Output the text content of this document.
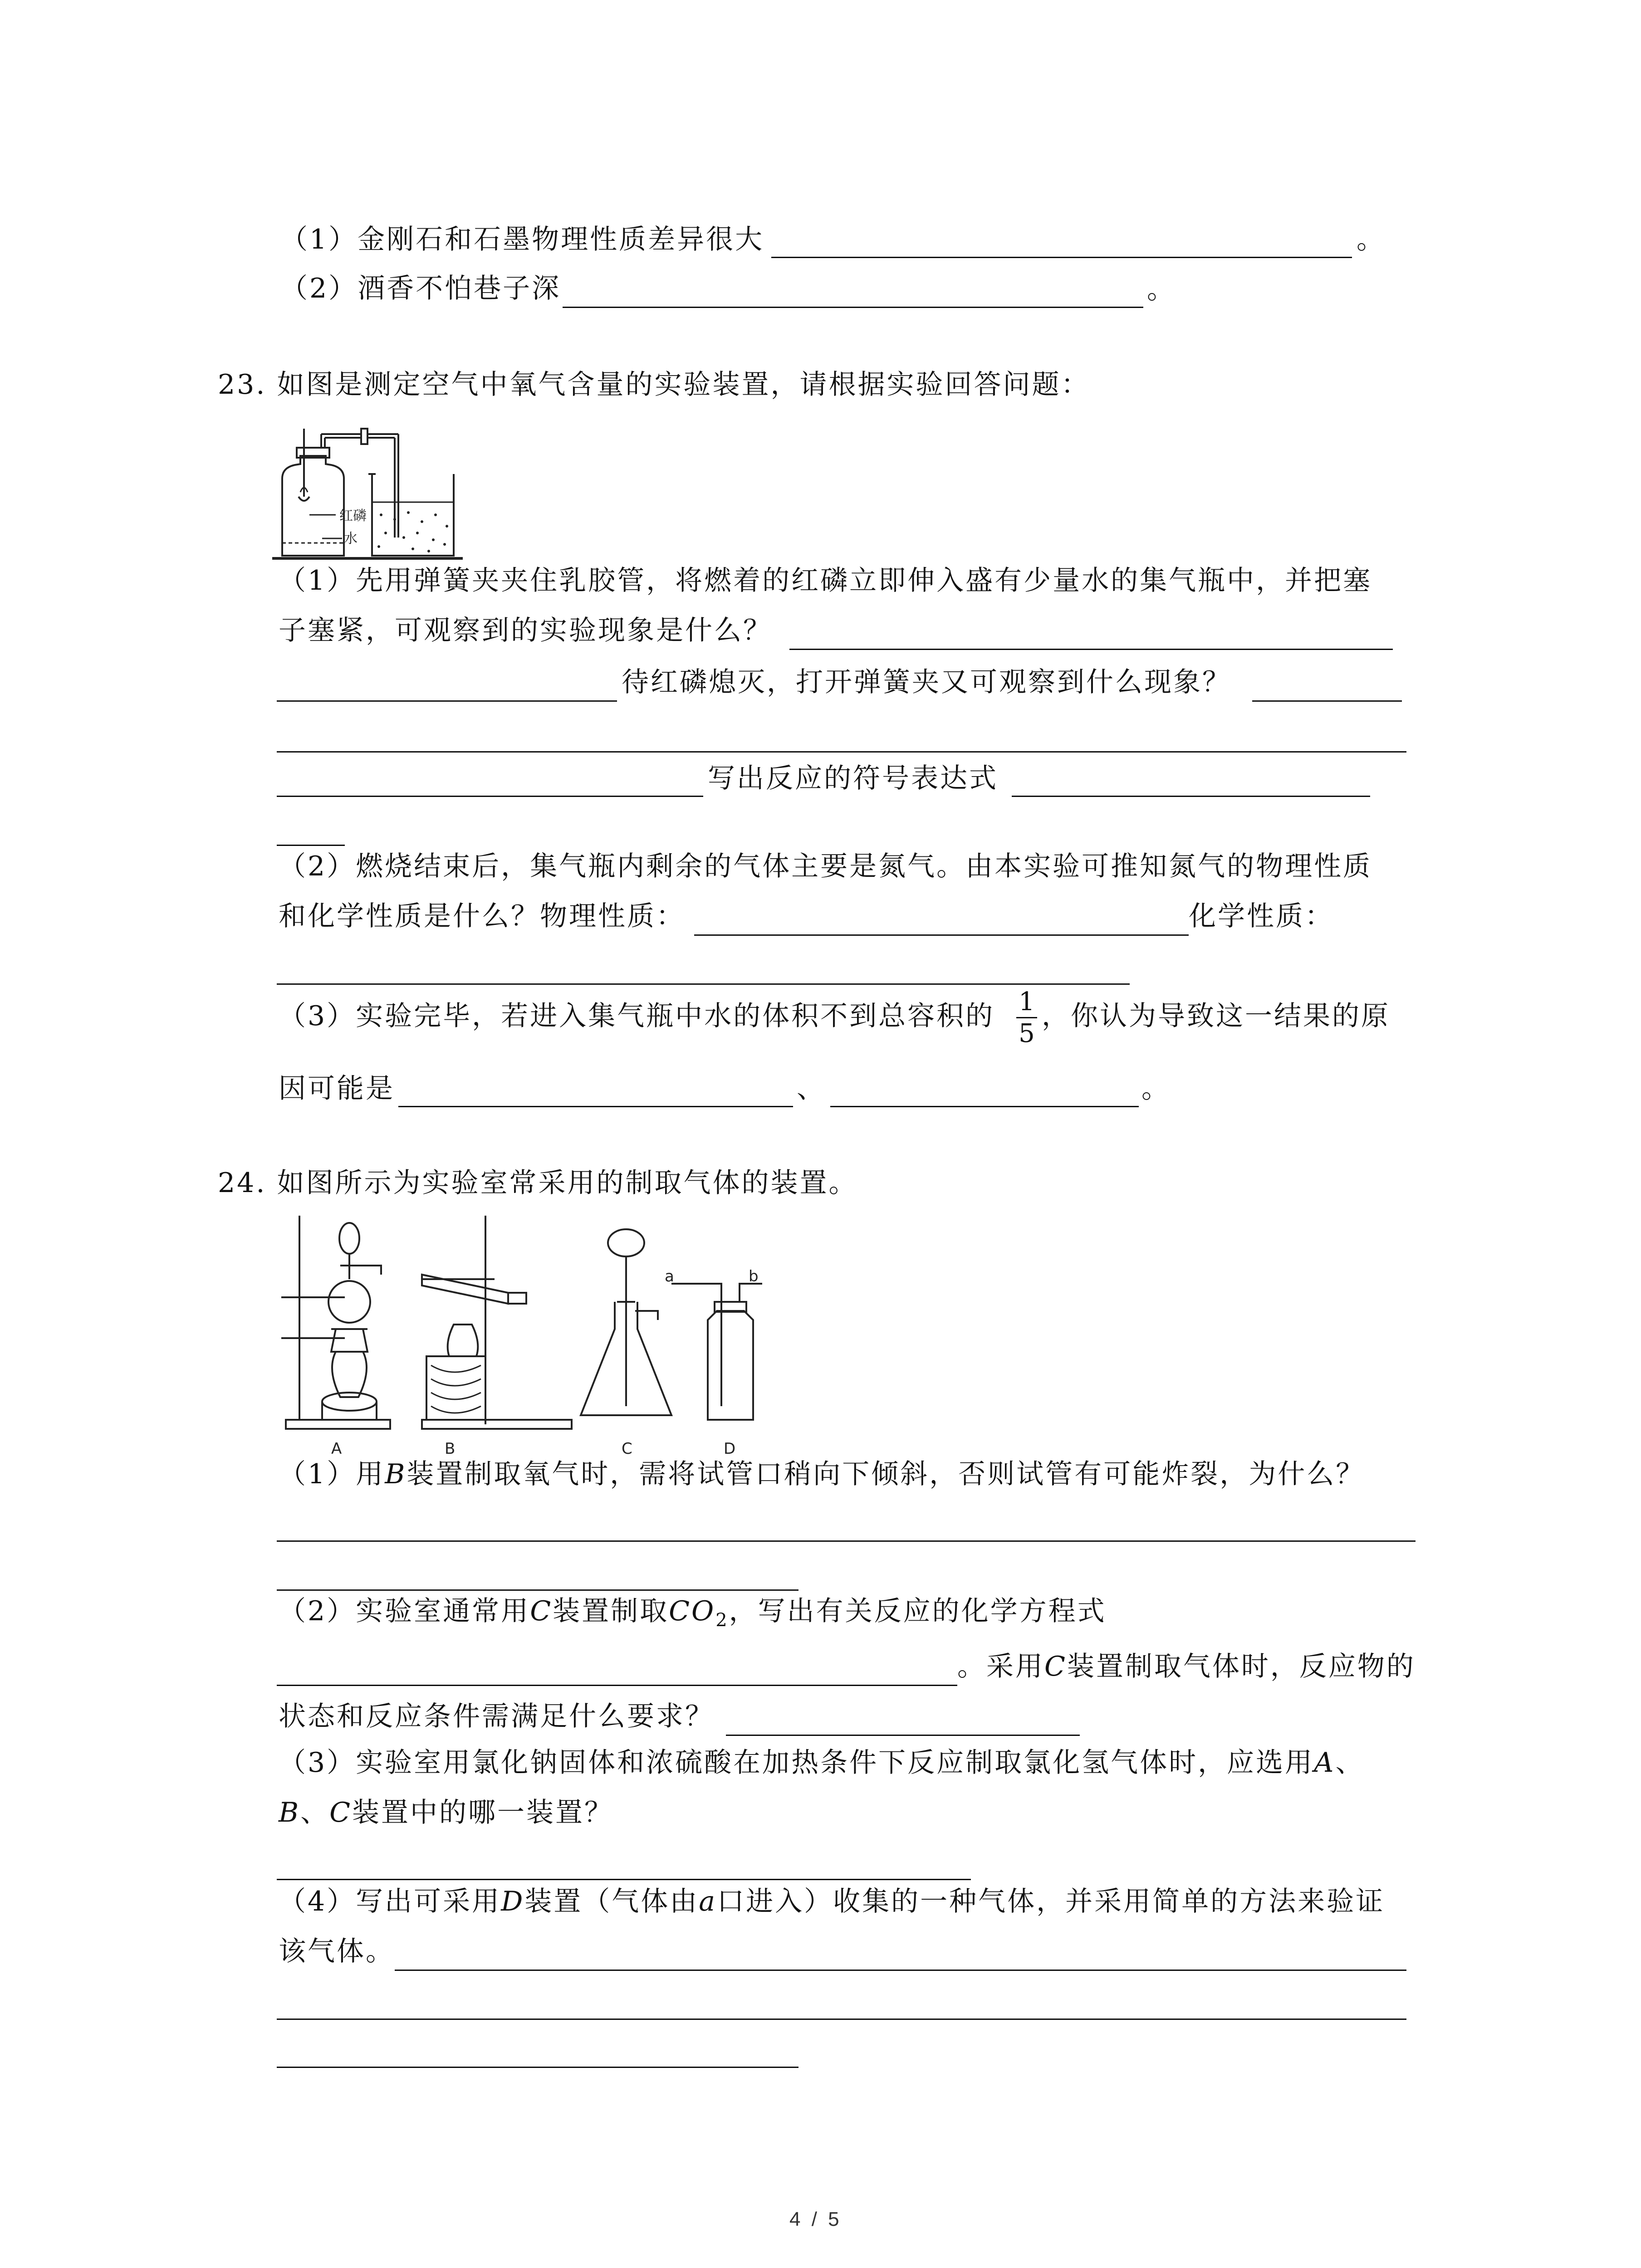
（1）金刚石和石墨物理性质差异很大	。
（2）酒香不怕巷子深	。
23. 如图是测定空气中氧气含量的实验装置，请根据实验回答问题：
红磷
水
（1）先用弹簧夹夹住乳胶管，将燃着的红磷立即伸入盛有少量水的集气瓶中，并把塞
子塞紧，可观察到的实验现象是什么？
待红磷熄灭，打开弹簧夹又可观察到什么现象？
写出反应的符号表达式
（2）燃烧结束后，集气瓶内剩余的气体主要是氮气。由本实验可推知氮气的物理性质
和化学性质是什么？物理性质：	化学性质：
（3）实验完毕，若进入集气瓶中水的体积不到总容积的 1
5
，你认为导致这一结果的原
因可能是	、	。
24. 如图所示为实验室常采用的制取气体的装置。
A	B	C	D
a	b
（1）用B装置制取氧气时，需将试管口稍向下倾斜，否则试管有可能炸裂，为什么？
（2）实验室通常用C装置制取$CO_2$，写出有关反应的化学方程式
。采用C装置制取气体时，反应物的
状态和反应条件需满足什么要求？
（3）实验室用氯化钠固体和浓硫酸在加热条件下反应制取氯化氢气体时，应选用A、
B、C装置中的哪一装置？
（4）写出可采用D装置（气体由a口进入）收集的一种气体，并采用简单的方法来验证
该气体。
4 / 5
